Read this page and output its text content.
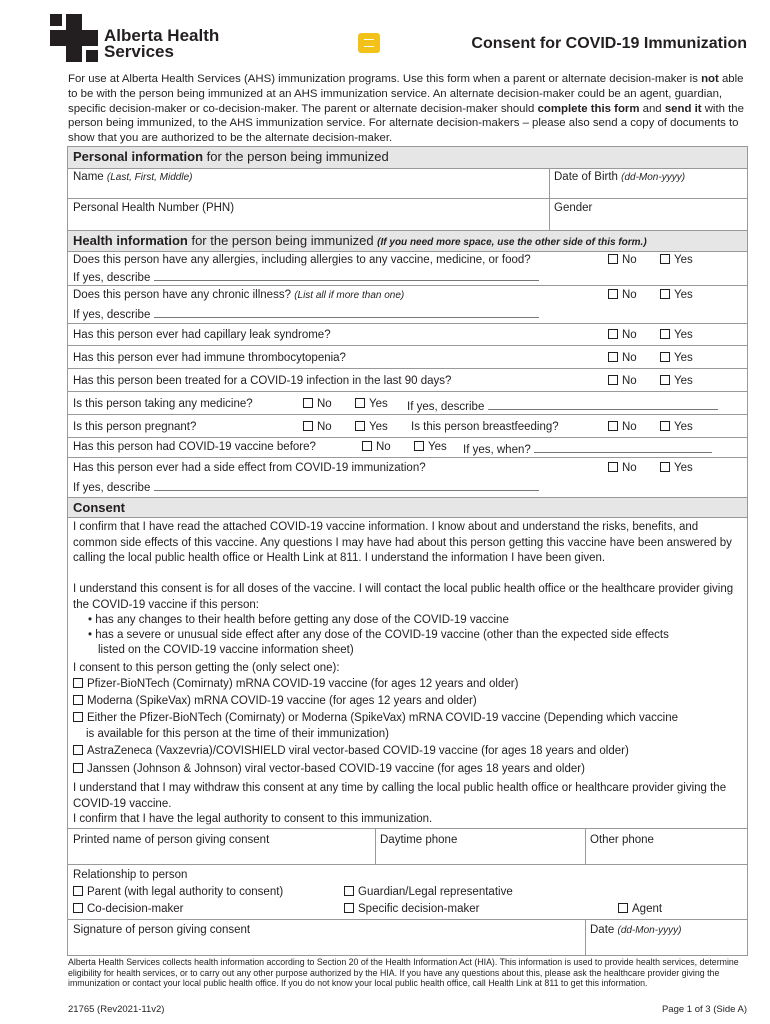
Alberta Health
Services	Consent for COVID-19 Immunization
For use at Alberta Health Services (AHS) immunization programs. Use this form when a parent or alternate decision-maker is not able to be with the person being immunized at an AHS immunization service. An alternate decision-maker could be an agent, guardian, specific decision-maker or co-decision-maker. The parent or alternate decision-maker should complete this form and send it with the person being immunized, to the AHS immunization service. For alternate decision-makers – please also send a copy of documents to show that you are authorized to be the alternate decision-maker.
Personal information for the person being immunized
Name (Last, First, Middle)	Date of Birth (dd-Mon-yyyy)
Personal Health Number (PHN)	Gender
Health information for the person being immunized (If you need more space, use the other side of this form.)
Does this person have any allergies, including allergies to any vaccine, medicine, or food?	No	Yes
If yes, describe
Does this person have any chronic illness? (List all if more than one)	No	Yes
If yes, describe
Has this person ever had capillary leak syndrome?	No	Yes
Has this person ever had immune thrombocytopenia?	No	Yes
Has this person been treated for a COVID-19 infection in the last 90 days?	No	Yes
Is this person taking any medicine?	No	Yes If yes, describe
Is this person pregnant?	No	Yes Is this person breastfeeding?	No	Yes
Has this person had COVID-19 vaccine before?	No	Yes If yes, when?
Has this person ever had a side effect from COVID-19 immunization?	No	Yes
If yes, describe
Consent
I confirm that I have read the attached COVID-19 vaccine information. I know about and understand the risks, benefits, and common side effects of this vaccine. Any questions I may have had about this person getting this vaccine have been answered by calling the local public health office or Health Link at 811. I understand the information I have been given.
I understand this consent is for all doses of the vaccine. I will contact the local public health office or the healthcare provider giving the COVID-19 vaccine if this person:
• has any changes to their health before getting any dose of the COVID-19 vaccine
• has a severe or unusual side effect after any dose of the COVID-19 vaccine (other than the expected side effects
listed on the COVID-19 vaccine information sheet)
I consent to this person getting the (only select one):
Pfizer-BioNTech (Comirnaty) mRNA COVID-19 vaccine (for ages 12 years and older)
Moderna (SpikeVax) mRNA COVID-19 vaccine (for ages 12 years and older)
Either the Pfizer-BioNTech (Comirnaty) or Moderna (SpikeVax) mRNA COVID-19 vaccine (Depending which vaccine
is available for this person at the time of their immunization)
AstraZeneca (Vaxzevria)/COVISHIELD viral vector-based COVID-19 vaccine (for ages 18 years and older)
Janssen (Johnson & Johnson) viral vector-based COVID-19 vaccine (for ages 18 years and older)
I understand that I may withdraw this consent at any time by calling the local public health office or healthcare provider giving the COVID-19 vaccine.
I confirm that I have the legal authority to consent to this immunization.
Printed name of person giving consent	Daytime phone	Other phone
Relationship to person
Parent (with legal authority to consent)	Guardian/Legal representative
Co-decision-maker	Specific decision-maker	Agent
Signature of person giving consent	Date (dd-Mon-yyyy)
Alberta Health Services collects health information according to Section 20 of the Health Information Act (HIA). This information is used to provide health services, determine eligibility for health services, or to carry out any other purpose authorized by the HIA. If you have any questions about this, please ask the healthcare provider giving the immunization or contact your local public health office. If you do not know your local public health office, call Health Link at 811 to get this information.
21765 (Rev2021-11v2)	Page 1 of 3 (Side A)
